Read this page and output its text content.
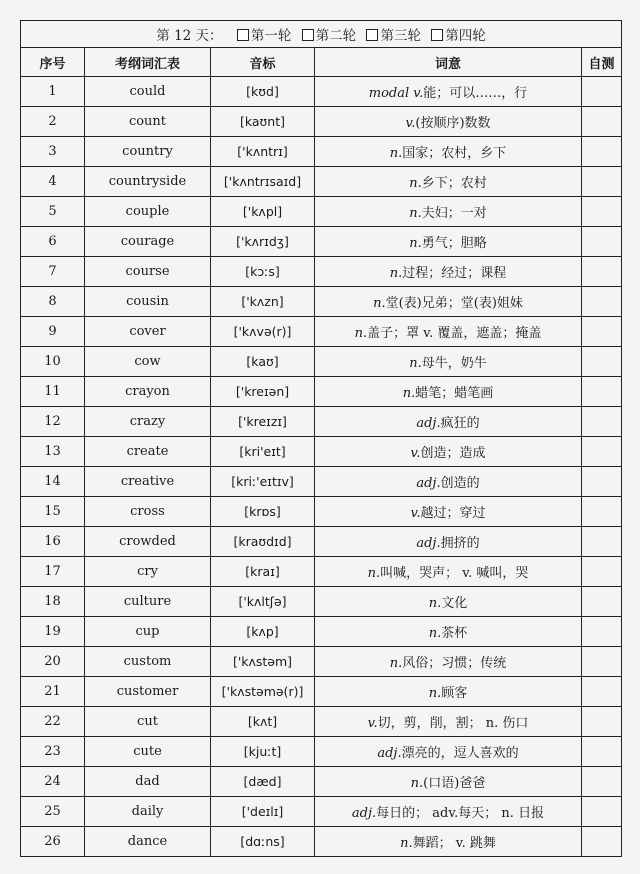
第 12 天： 第一轮 第二轮 第三轮 第四轮				
序号	考纲词汇表	音标	词意	自测
1	could	[kʊd]	modal v.能；可以……，行	
2	count	[kaʊnt]	v.(按顺序)数数	
3	country	['kʌntrɪ]	n.国家；农村，乡下	
4	countryside	['kʌntrɪsaɪd]	n.乡下；农村	
5	couple	['kʌpl]	n.夫妇；一对	
6	courage	['kʌrɪdʒ]	n.勇气；胆略	
7	course	[kɔːs]	n.过程；经过；课程	
8	cousin	['kʌzn]	n.堂(表)兄弟；堂(表)姐妹	
9	cover	['kʌvə(r)]	n.盖子；罩 v. 覆盖，遮盖；掩盖	
10	cow	[kaʊ]	n.母牛，奶牛	
11	crayon	['kreɪən]	n.蜡笔；蜡笔画	
12	crazy	['kreɪzɪ]	adj.疯狂的	
13	create	[kri'eɪt]	v.创造；造成	
14	creative	[kriː'eɪtɪv]	adj.创造的	
15	cross	[krɒs]	v.越过；穿过	
16	crowded	[kraʊdɪd]	adj.拥挤的	
17	cry	[kraɪ]	n.叫喊，哭声； v. 喊叫，哭	
18	culture	['kʌltʃə]	n.文化	
19	cup	[kʌp]	n.茶杯	
20	custom	['kʌstəm]	n.风俗；习惯；传统	
21	customer	['kʌstəmə(r)]	n.顾客	
22	cut	[kʌt]	v.切，剪，削，割； n. 伤口	
23	cute	[kjuːt]	adj.漂亮的，逗人喜欢的	
24	dad	[dæd]	n.(口语)爸爸	
25	daily	['deɪlɪ]	adj.每日的； adv.每天； n. 日报	
26	dance	[dɑːns]	n.舞蹈； v. 跳舞	
